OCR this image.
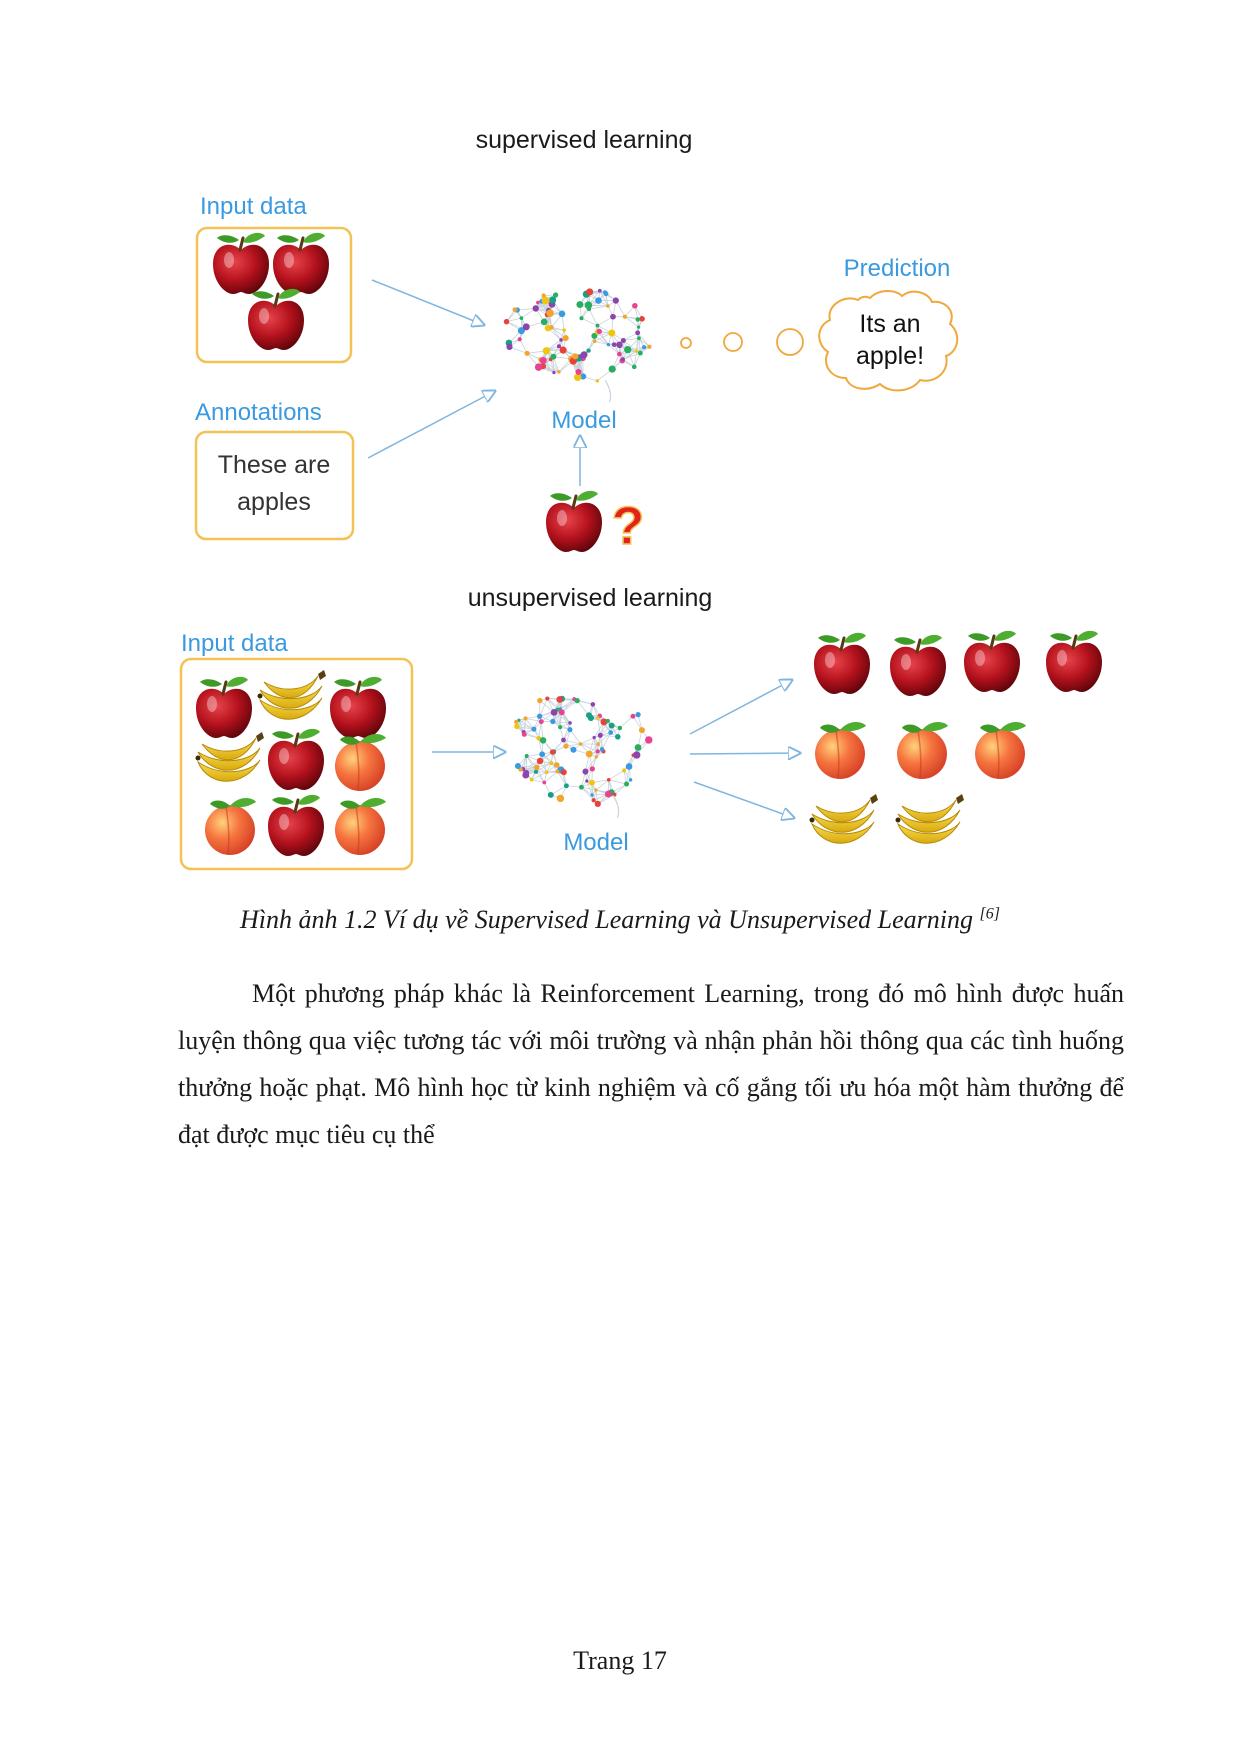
supervised learning
Input data
Annotations
These are
apples
Model
?
Prediction
Its an
apple!
unsupervised learning
Input data
Model
Hình ảnh 1.2 Ví dụ về Supervised Learning và Unsupervised Learning [6]

Một phương pháp khác là Reinforcement Learning, trong đó mô hình được huấn luyện thông qua việc tương tác với môi trường và nhận phản hồi thông qua các tình huống thưởng hoặc phạt. Mô hình học từ kinh nghiệm và cố gắng tối ưu hóa một hàm thưởng để đạt được mục tiêu cụ thể

Trang 17
